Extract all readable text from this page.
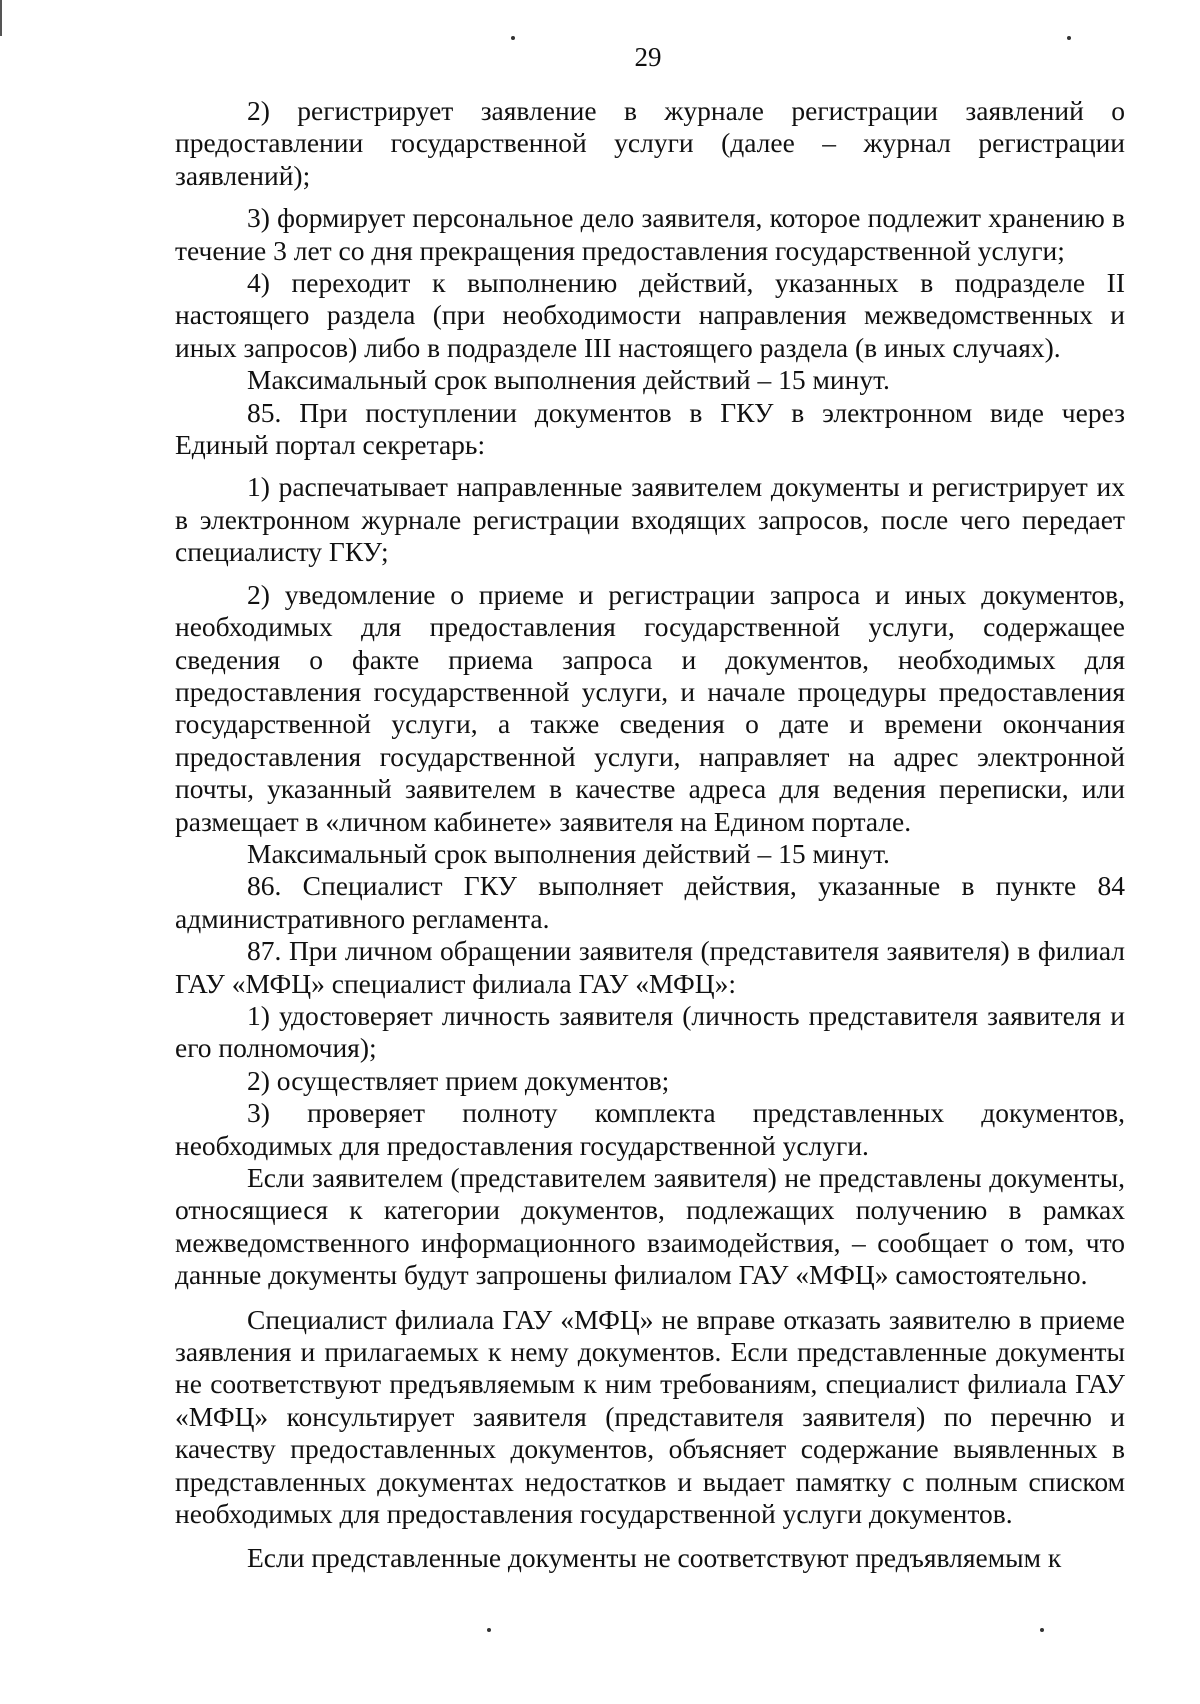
29

2) регистрирует заявление в журнале регистрации заявлений о предоставлении государственной услуги (далее – журнал регистрации заявлений);

3) формирует персональное дело заявителя, которое подлежит хранению в течение 3 лет со дня прекращения предоставления государственной услуги;

4) переходит к выполнению действий, указанных в подразделе II настоящего раздела (при необходимости направления межведомственных и иных запросов) либо в подразделе III настоящего раздела (в иных случаях).

Максимальный срок выполнения действий – 15 минут.

85. При поступлении документов в ГКУ в электронном виде через Единый портал секретарь:

1) распечатывает направленные заявителем документы и регистрирует их в электронном журнале регистрации входящих запросов, после чего передает специалисту ГКУ;

2) уведомление о приеме и регистрации запроса и иных документов, необходимых для предоставления государственной услуги, содержащее сведения о факте приема запроса и документов, необходимых для предоставления государственной услуги, и начале процедуры предоставления государственной услуги, а также сведения о дате и времени окончания предоставления государственной услуги, направляет на адрес электронной почты, указанный заявителем в качестве адреса для ведения переписки, или размещает в «личном кабинете» заявителя на Едином портале.

Максимальный срок выполнения действий – 15 минут.

86. Специалист ГКУ выполняет действия, указанные в пункте 84 административного регламента.

87. При личном обращении заявителя (представителя заявителя) в филиал ГАУ «МФЦ» специалист филиала ГАУ «МФЦ»:

1) удостоверяет личность заявителя (личность представителя заявителя и его полномочия);

2) осуществляет прием документов;

3) проверяет полноту комплекта представленных документов, необходимых для предоставления государственной услуги.

Если заявителем (представителем заявителя) не представлены документы, относящиеся к категории документов, подлежащих получению в рамках межведомственного информационного взаимодействия, – сообщает о том, что данные документы будут запрошены филиалом ГАУ «МФЦ» самостоятельно.

Специалист филиала ГАУ «МФЦ» не вправе отказать заявителю в приеме заявления и прилагаемых к нему документов. Если представленные документы не соответствуют предъявляемым к ним требованиям, специалист филиала ГАУ «МФЦ» консультирует заявителя (представителя заявителя) по перечню и качеству предоставленных документов, объясняет содержание выявленных в представленных документах недостатков и выдает памятку с полным списком необходимых для предоставления государственной услуги документов.

Если представленные документы не соответствуют предъявляемым к
